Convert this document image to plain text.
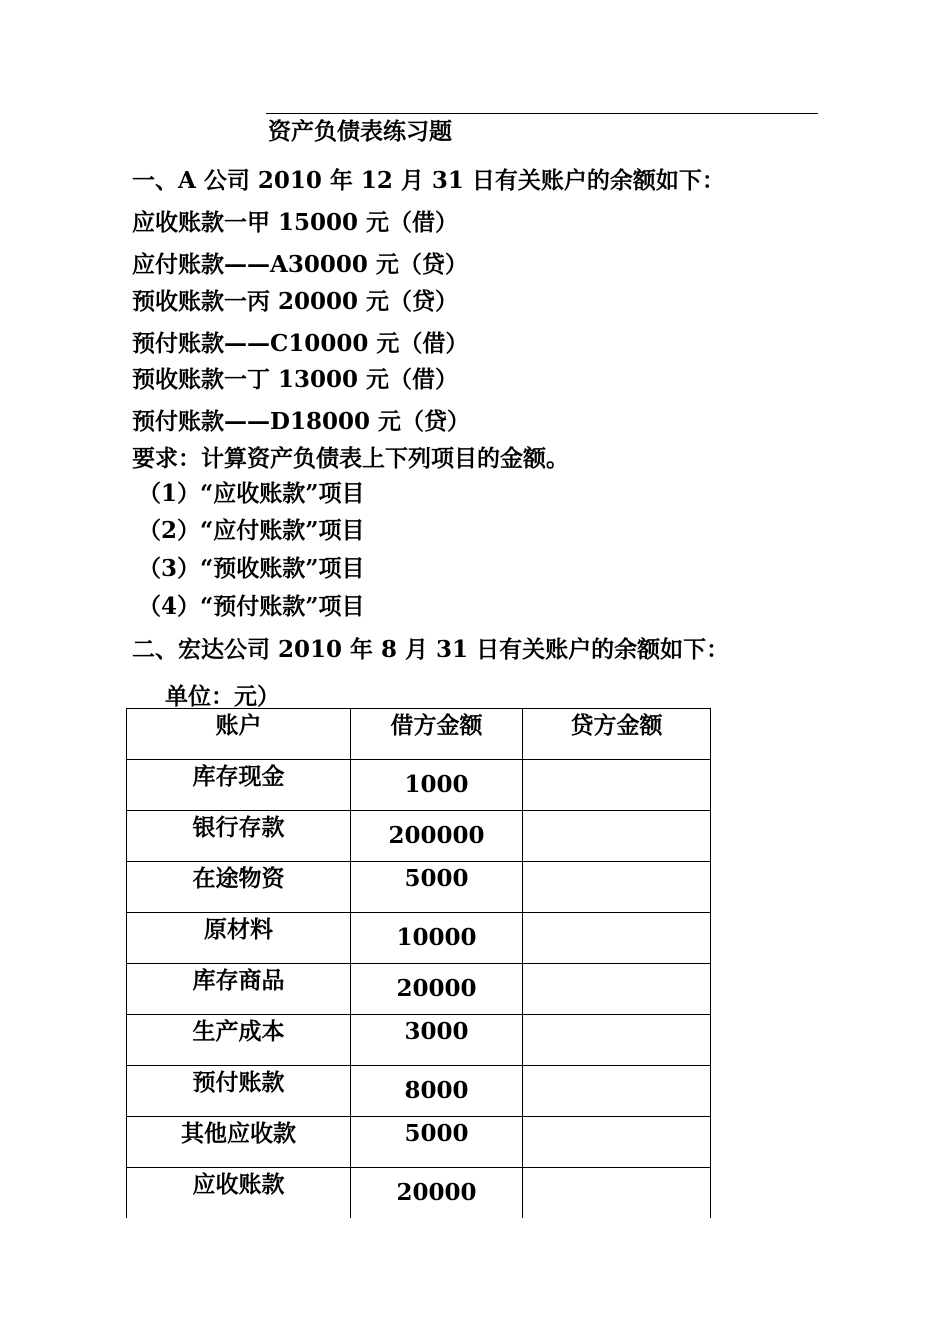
资产负债表练习题
一、A 公司 2010 年 12 月 31 日有关账户的余额如下：
应收账款一甲 15000 元（借）
应付账款——A30000 元（贷）
预收账款一丙 20000 元（贷）
预付账款——C10000 元（借）
预收账款一丁 13000 元（借）
预付账款——D18000 元（贷）
要求：计算资产负债表上下列项目的金额。
（1）“应收账款”项目
（2）“应付账款”项目
（3）“预收账款”项目
（4）“预付账款”项目
二、宏达公司 2010 年 8 月 31 日有关账户的余额如下：
单位：元）
账户	借方金额	贷方金额

库存现金	1000	

银行存款	200000	

在途物资	5000	

原材料	10000	

库存商品	20000	

生产成本	3000	

预付账款	8000	

其他应收款	5000	

应收账款	20000	
